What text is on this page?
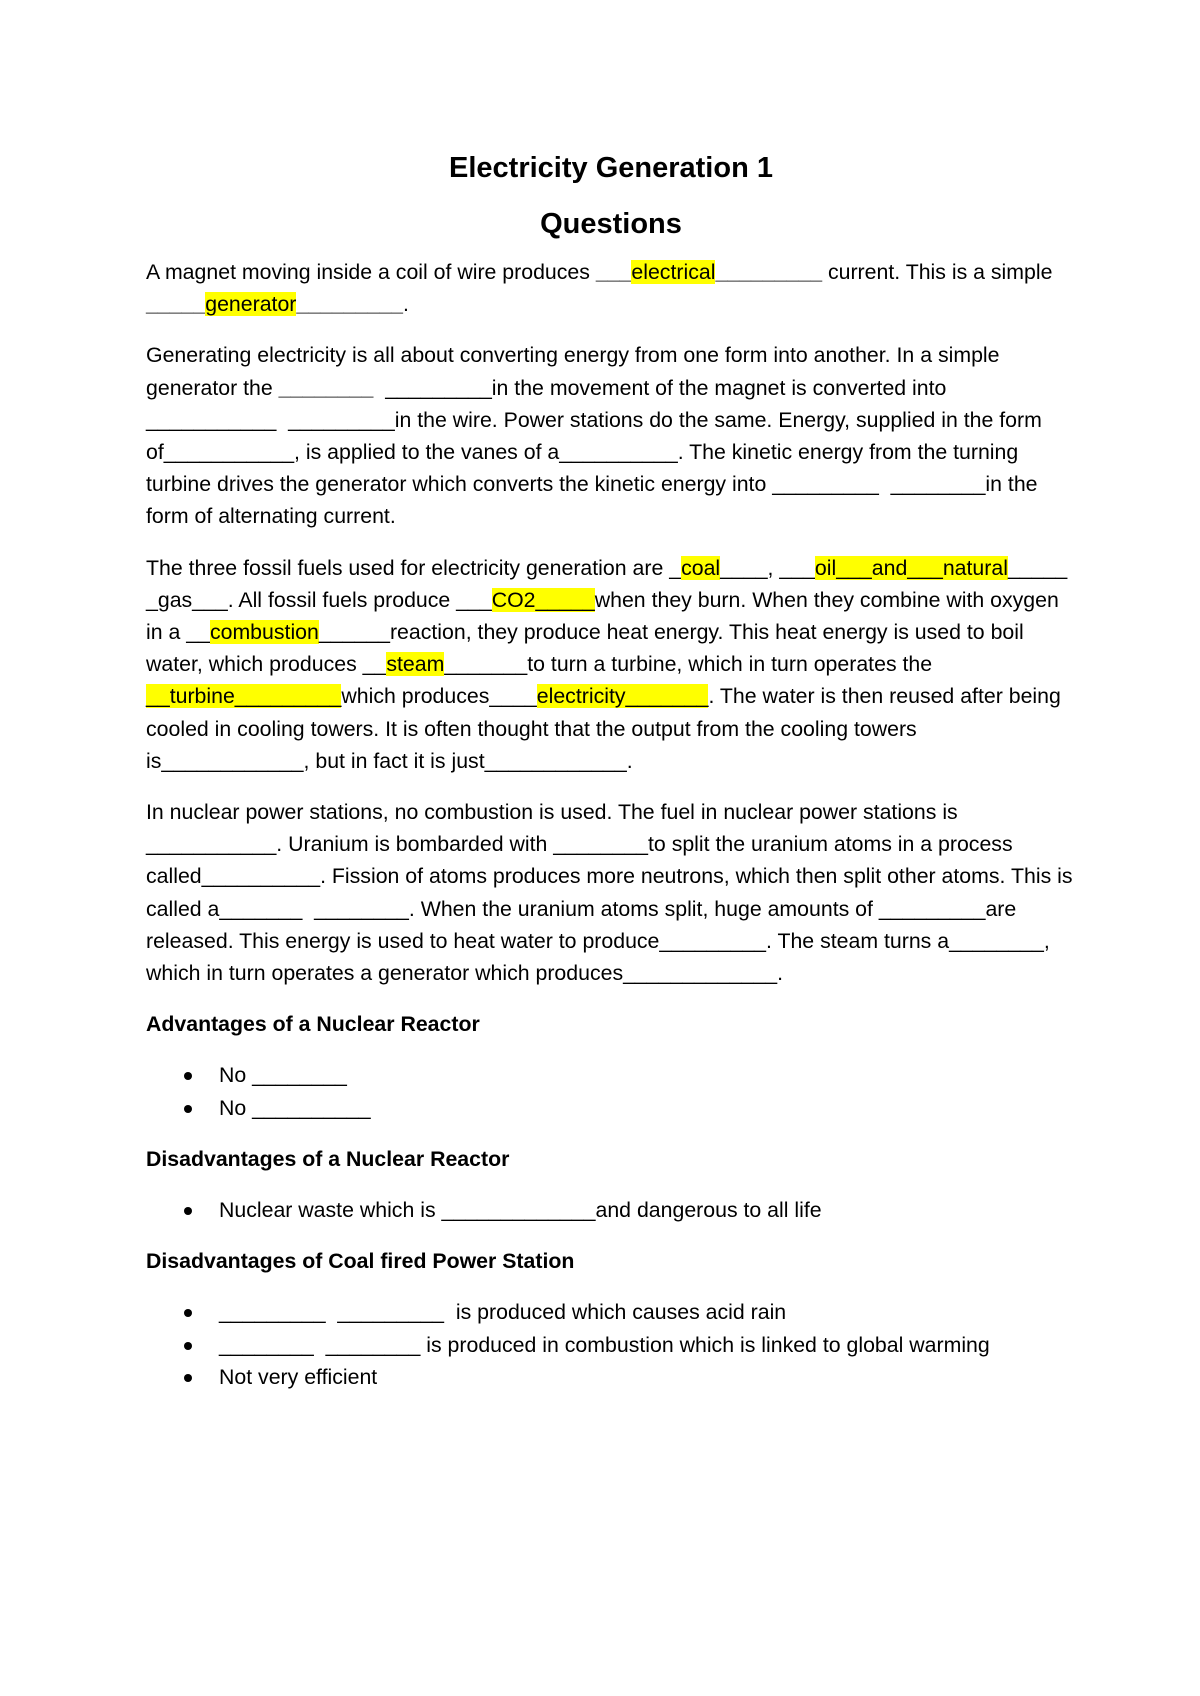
Electricity Generation 1
Questions

A magnet moving inside a coil of wire produces ___electrical_________ current. This is a simple _____generator_________.

Generating electricity is all about converting energy from one form into another. In a simple generator the ________  _________in the movement of the magnet is converted into ___________  _________in the wire. Power stations do the same. Energy, supplied in the form of___________, is applied to the vanes of a__________. The kinetic energy from the turning turbine drives the generator which converts the kinetic energy into _________  ________in the form of alternating current.

The three fossil fuels used for electricity generation are _coal____, ___oil___and___natural_____  _gas___. All fossil fuels produce ___CO2_____when they burn. When they combine with oxygen in a __combustion______reaction, they produce heat energy. This heat energy is used to boil water, which produces __steam_______to turn a turbine, which in turn operates the __turbine_________which produces____electricity_______. The water is then reused after being cooled in cooling towers. It is often thought that the output from the cooling towers is____________, but in fact it is just____________.

In nuclear power stations, no combustion is used. The fuel in nuclear power stations is ___________. Uranium is bombarded with ________to split the uranium atoms in a process called__________. Fission of atoms produces more neutrons, which then split other atoms. This is called a_______  ________. When the uranium atoms split, huge amounts of _________are released. This energy is used to heat water to produce_________. The steam turns a________, which in turn operates a generator which produces_____________.

Advantages of a Nuclear Reactor
No ________
No __________
Disadvantages of a Nuclear Reactor
Nuclear waste which is _____________and dangerous to all life
Disadvantages of Coal fired Power Station
_________  _________  is produced which causes acid rain
________  ________ is produced in combustion which is linked to global warming
Not very efficient
